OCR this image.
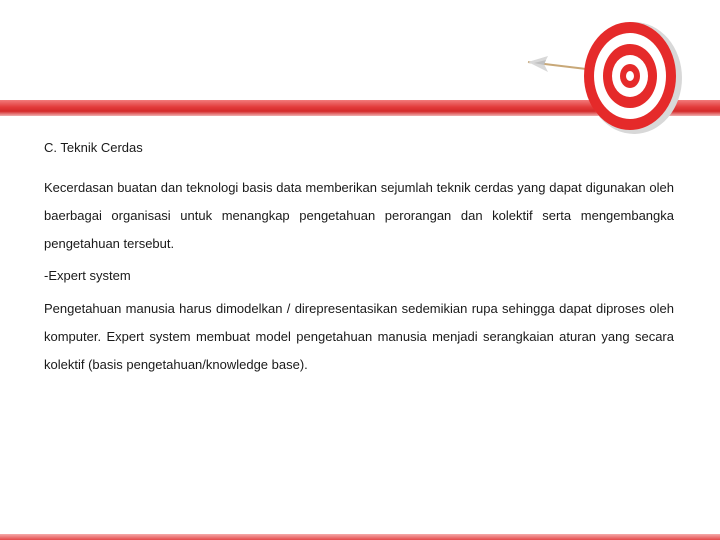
C. Teknik Cerdas

Kecerdasan buatan dan teknologi basis data memberikan sejumlah teknik cerdas yang dapat digunakan oleh baerbagai organisasi untuk menangkap pengetahuan perorangan dan kolektif serta mengembangka pengetahuan tersebut.

-Expert system

Pengetahuan manusia harus dimodelkan / direpresentasikan sedemikian rupa sehingga dapat diproses oleh komputer. Expert system membuat model pengetahuan manusia menjadi serangkaian aturan yang secara kolektif (basis pengetahuan/knowledge base).
